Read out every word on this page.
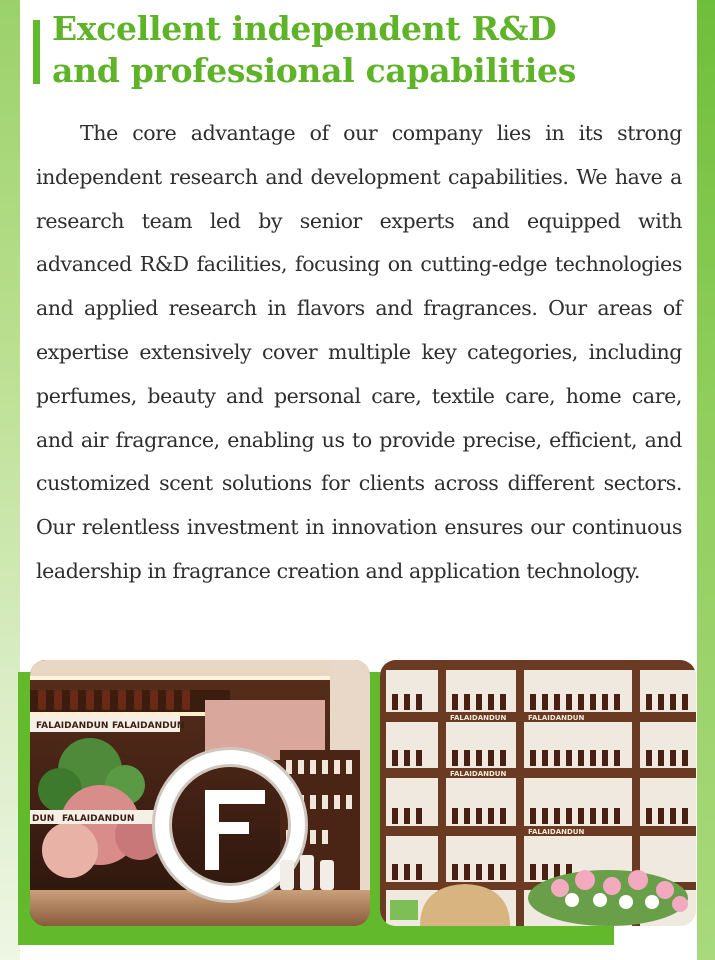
Excellent independent R&D
and professional capabilities

The core advantage of our company lies in its strong independent research and development capabilities. We have a research team led by senior experts and equipped with advanced R&D facilities, focusing on cutting-edge technologies and applied research in flavors and fragrances. Our areas of expertise extensively cover multiple key categories, including perfumes, beauty and personal care, textile care, home care, and air fragrance, enabling us to provide precise, efficient, and customized scent solutions for clients across different sectors. Our relentless investment in innovation ensures our continuous leadership in fragrance creation and application technology.

FALAIDANDUN FALAIDANDUN
DUN FALAIDANDUN
FALAIDANDUN	FALAIDANDUN
FALAIDANDUN
FALAIDANDUN
